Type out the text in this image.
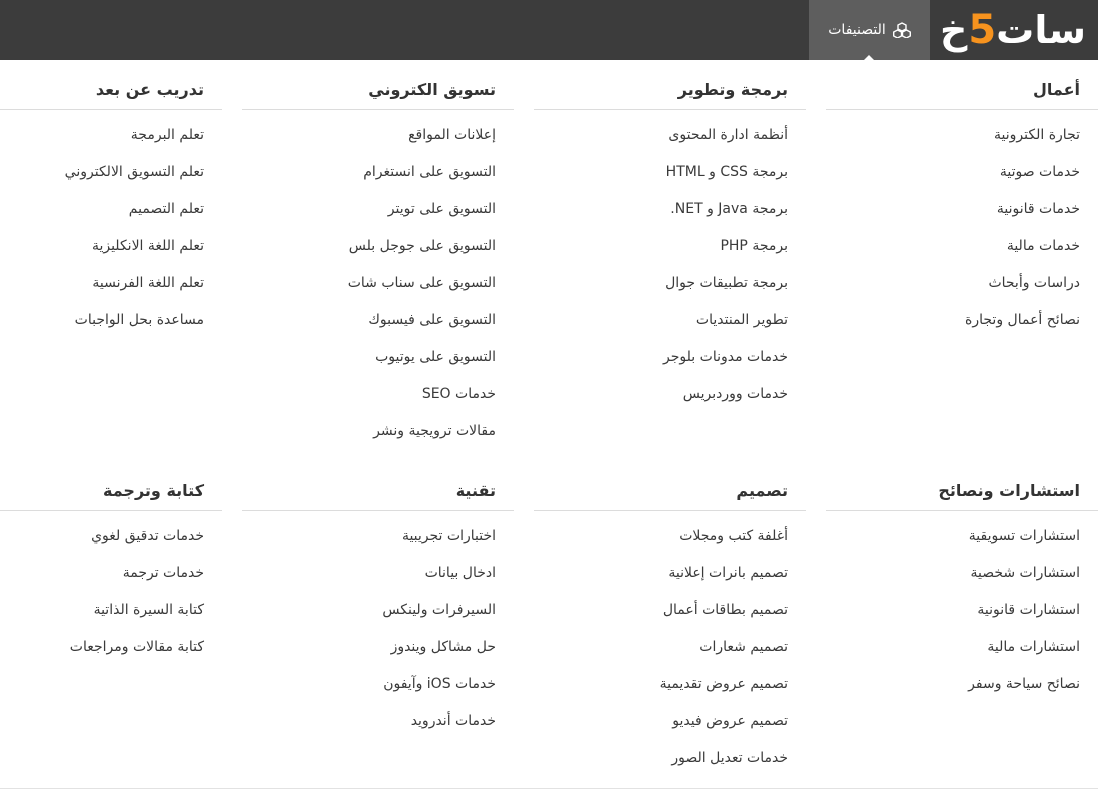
خ 5 سات
التصنيفات
أعمال
تجارة الكترونية
خدمات صوتية
خدمات قانونية
خدمات مالية
دراسات وأبحاث
نصائح أعمال وتجارة
برمجة وتطوير
أنظمة ادارة المحتوى
برمجة CSS و HTML
برمجة Java و NET.
برمجة PHP
برمجة تطبيقات جوال
تطوير المنتديات
خدمات مدونات بلوجر
خدمات ووردبريس
تسويق الكتروني
إعلانات المواقع
التسويق على انستغرام
التسويق على تويتر
التسويق على جوجل بلس
التسويق على سناب شات
التسويق على فيسبوك
التسويق على يوتيوب
خدمات SEO
مقالات ترويجية ونشر
تدريب عن بعد
تعلم البرمجة
تعلم التسويق الالكتروني
تعلم التصميم
تعلم اللغة الانكليزية
تعلم اللغة الفرنسية
مساعدة بحل الواجبات
استشارات ونصائح
استشارات تسويقية
استشارات شخصية
استشارات قانونية
استشارات مالية
نصائح سياحة وسفر
تصميم
أغلفة كتب ومجلات
تصميم بانرات إعلانية
تصميم بطاقات أعمال
تصميم شعارات
تصميم عروض تقديمية
تصميم عروض فيديو
خدمات تعديل الصور
تقنية
اختبارات تجريبية
ادخال بيانات
السيرفرات ولينكس
حل مشاكل ويندوز
خدمات iOS وآيفون
خدمات أندرويد
كتابة وترجمة
خدمات تدقيق لغوي
خدمات ترجمة
كتابة السيرة الذاتية
كتابة مقالات ومراجعات
